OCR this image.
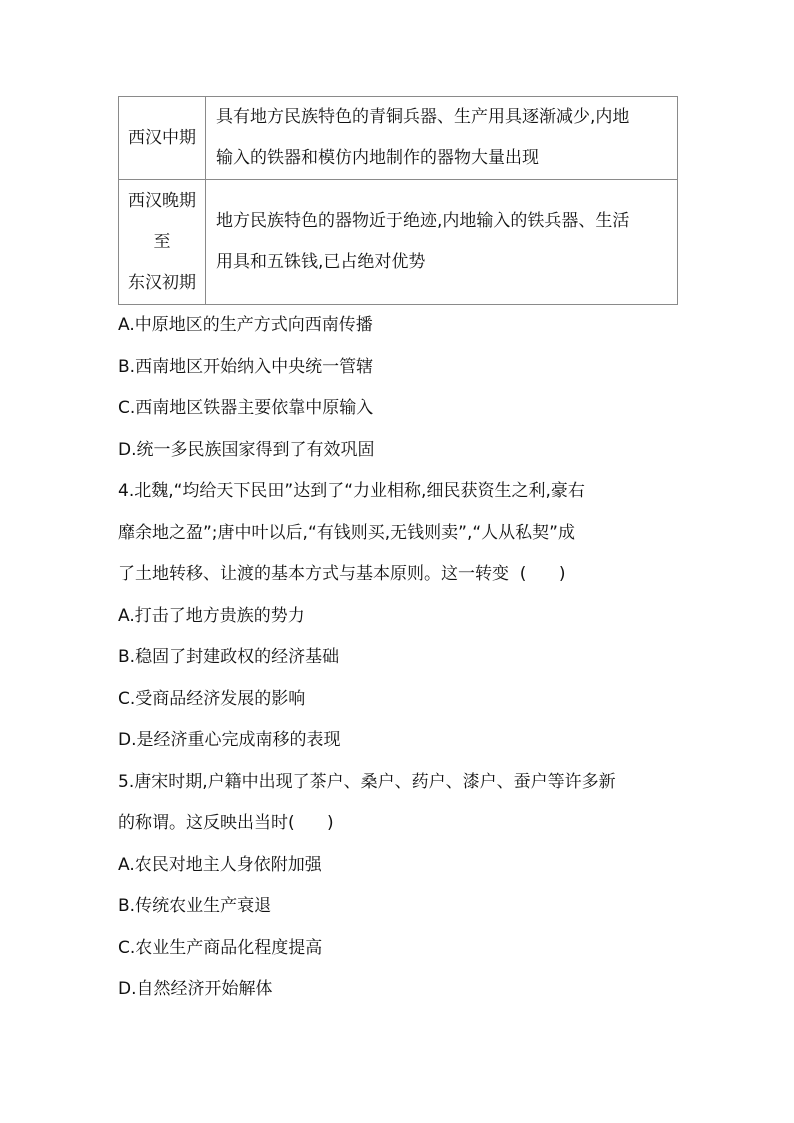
西汉中期	具有地方民族特色的青铜兵器、生产用具逐渐减少,内地
输入的铁器和模仿内地制作的器物大量出现

西汉晚期
至
东汉初期	地方民族特色的器物近于绝迹,内地输入的铁兵器、生活
用具和五铢钱,已占绝对优势
A.中原地区的生产方式向西南传播
B.西南地区开始纳入中央统一管辖
C.西南地区铁器主要依靠中原输入
D.统一多民族国家得到了有效巩固
4.北魏,“均给天下民田”达到了“力业相称,细民获资生之利,豪右
靡余地之盈”;唐中叶以后,“有钱则买,无钱则卖”,“人从私契”成
了土地转移、让渡的基本方式与基本原则。这一转变  (      )
A.打击了地方贵族的势力
B.稳固了封建政权的经济基础
C.受商品经济发展的影响
D.是经济重心完成南移的表现
5.唐宋时期,户籍中出现了茶户、桑户、药户、漆户、蚕户等许多新
的称谓。这反映出当时(      )
A.农民对地主人身依附加强
B.传统农业生产衰退
C.农业生产商品化程度提高
D.自然经济开始解体
